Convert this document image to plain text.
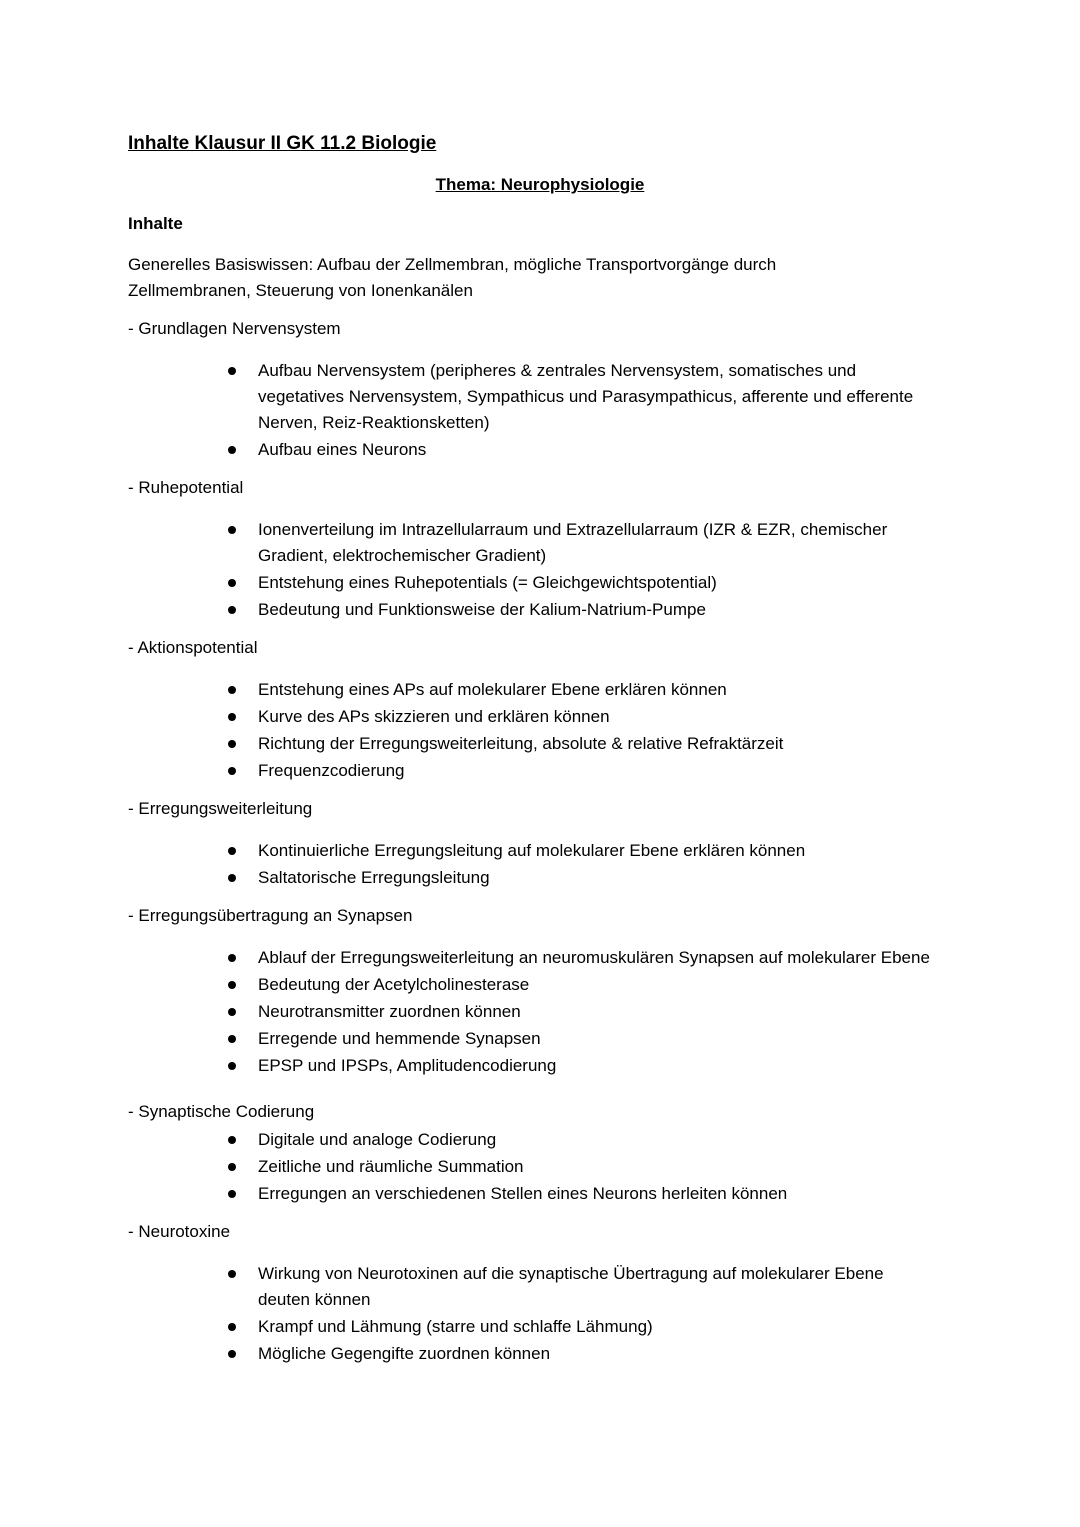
Inhalte Klausur II GK 11.2 Biologie
Thema: Neurophysiologie
Inhalte

Generelles Basiswissen: Aufbau der Zellmembran, mögliche Transportvorgänge durch Zellmembranen, Steuerung von Ionenkanälen

- Grundlagen Nervensystem
Aufbau Nervensystem (peripheres & zentrales Nervensystem, somatisches und vegetatives Nervensystem, Sympathicus und Parasympathicus, afferente und efferente Nerven, Reiz-Reaktionsketten)
Aufbau eines Neurons
- Ruhepotential
Ionenverteilung im Intrazellularraum und Extrazellularraum (IZR & EZR, chemischer Gradient, elektrochemischer Gradient)
Entstehung eines Ruhepotentials (= Gleichgewichtspotential)
Bedeutung und Funktionsweise der Kalium-Natrium-Pumpe
- Aktionspotential
Entstehung eines APs auf molekularer Ebene erklären können
Kurve des APs skizzieren und erklären können
Richtung der Erregungsweiterleitung, absolute & relative Refraktärzeit
Frequenzcodierung
- Erregungsweiterleitung
Kontinuierliche Erregungsleitung auf molekularer Ebene erklären können
Saltatorische Erregungsleitung
- Erregungsübertragung an Synapsen
Ablauf der Erregungsweiterleitung an neuromuskulären Synapsen auf molekularer Ebene
Bedeutung der Acetylcholinesterase
Neurotransmitter zuordnen können
Erregende und hemmende Synapsen
EPSP und IPSPs, Amplitudencodierung
- Synaptische Codierung
Digitale und analoge Codierung
Zeitliche und räumliche Summation
Erregungen an verschiedenen Stellen eines Neurons herleiten können
- Neurotoxine
Wirkung von Neurotoxinen auf die synaptische Übertragung auf molekularer Ebene deuten können
Krampf und Lähmung (starre und schlaffe Lähmung)
Mögliche Gegengifte zuordnen können
